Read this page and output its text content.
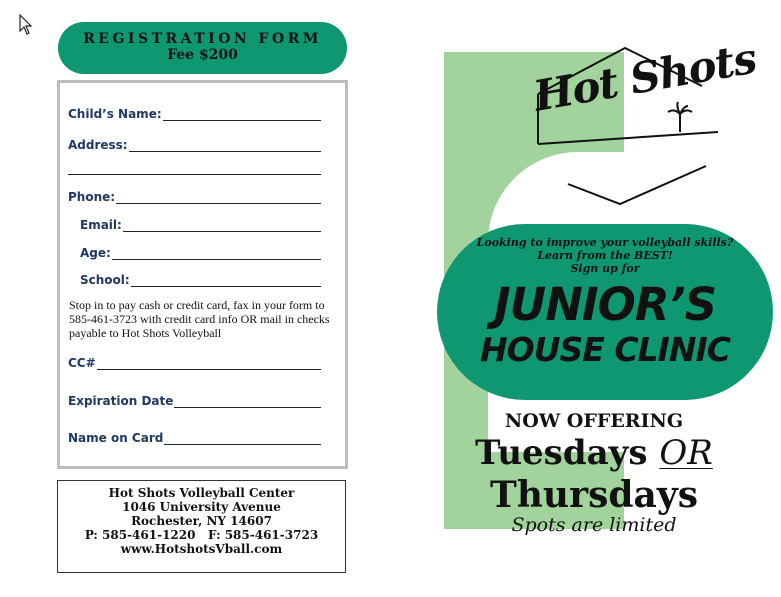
REGISTRATION FORM
Fee $200
Child’s Name:
Address:
Phone:
Email:
Age:
School:
Stop in to pay cash or credit card, fax in your form to 585-461-3723 with credit card info OR mail in checks payable to Hot Shots Volleyball
CC#
Expiration Date
Name on Card
Hot Shots Volleyball Center
1046 University Avenue
Rochester, NY 14607
P: 585-461-1220   F: 585-461-3723
www.HotshotsVball.com
Hot Shots
Looking to improve your volleyball skills?
Learn from the BEST!
Sign up for
JUNIOR’S
HOUSE CLINIC
NOW OFFERING
Tuesdays OR
Thursdays
Spots are limited
